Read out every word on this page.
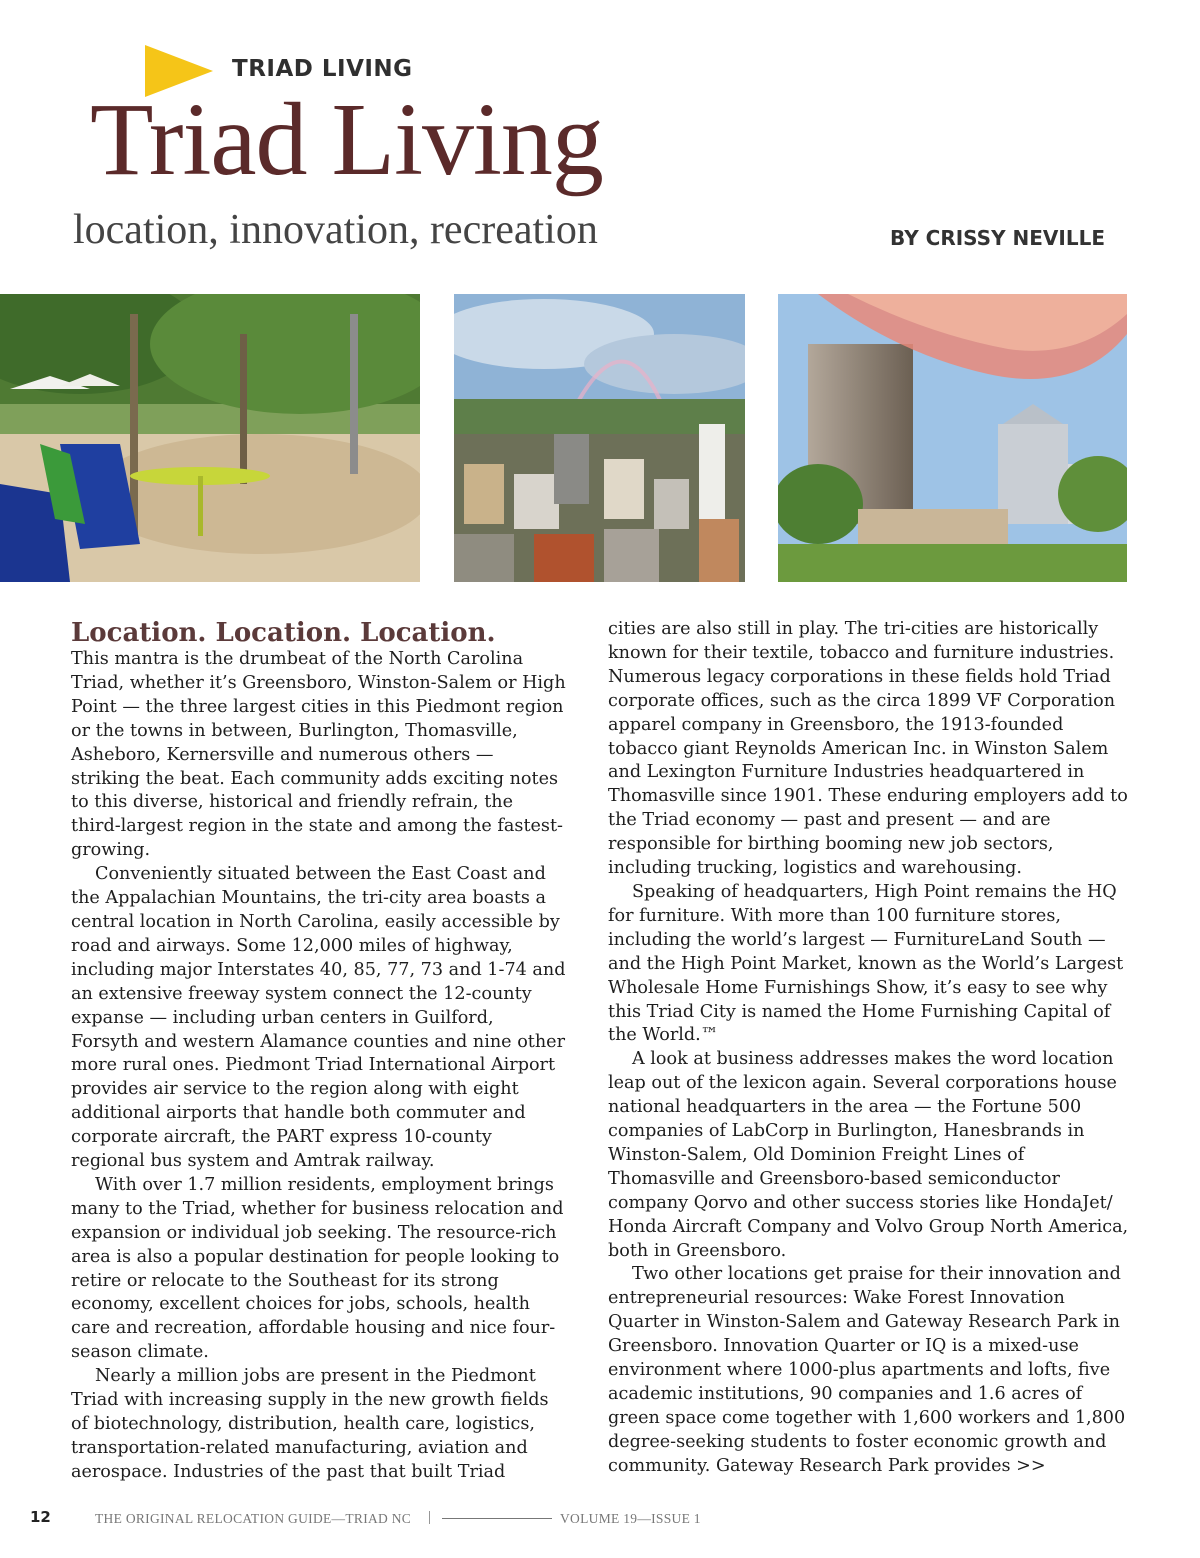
TRIAD LIVING
Triad Living
location, innovation, recreation	BY CRISSY NEVILLE
Location. Location. Location.

This mantra is the drumbeat of the North Carolina Triad, whether it’s Greensboro, Winston-Salem or High Point — the three largest cities in this Piedmont region or the towns in between, Burlington, Thomasville, Asheboro, Kernersville and numerous others — striking the beat. Each community adds exciting notes to this diverse, historical and friendly refrain, the third-largest region in the state and among the fastest-growing.

Conveniently situated between the East Coast and the Appalachian Mountains, the tri-city area boasts a central location in North Carolina, easily accessible by road and airways. Some 12,000 miles of highway, including major Interstates 40, 85, 77, 73 and 1-74 and an extensive freeway system connect the 12-county expanse — including urban centers in Guilford, Forsyth and western Alamance counties and nine other more rural ones. Piedmont Triad International Airport provides air service to the region along with eight additional airports that handle both commuter and corporate aircraft, the PART express 10-county regional bus system and Amtrak railway.

With over 1.7 million residents, employment brings many to the Triad, whether for business relocation and expansion or individual job seeking. The resource-rich area is also a popular destination for people looking to retire or relocate to the Southeast for its strong economy, excellent choices for jobs, schools, health care and recreation, affordable housing and nice four-season climate.

Nearly a million jobs are present in the Piedmont Triad with increasing supply in the new growth fields of biotechnology, distribution, health care, logistics, transportation-related manufacturing, aviation and aerospace. Industries of the past that built Triad

cities are also still in play. The tri-cities are historically known for their textile, tobacco and furniture industries. Numerous legacy corporations in these fields hold Triad corporate offices, such as the circa 1899 VF Corporation apparel company in Greensboro, the 1913-founded tobacco giant Reynolds American Inc. in Winston Salem and Lexington Furniture Industries headquartered in Thomasville since 1901. These enduring employers add to the Triad economy — past and present — and are responsible for birthing booming new job sectors, including trucking, logistics and warehousing.

Speaking of headquarters, High Point remains the HQ for furniture. With more than 100 furniture stores, including the world’s largest — FurnitureLand South — and the High Point Market, known as the World’s Largest Wholesale Home Furnishings Show, it’s easy to see why this Triad City is named the Home Furnishing Capital of the World.™

A look at business addresses makes the word location leap out of the lexicon again. Several corporations house national headquarters in the area — the Fortune 500 companies of LabCorp in Burlington, Hanesbrands in Winston-Salem, Old Dominion Freight Lines of Thomasville and Greensboro-based semiconductor company Qorvo and other success stories like HondaJet/ Honda Aircraft Company and Volvo Group North America, both in Greensboro.

Two other locations get praise for their innovation and entrepreneurial resources: Wake Forest Innovation Quarter in Winston-Salem and Gateway Research Park in Greensboro. Innovation Quarter or IQ is a mixed-use environment where 1000-plus apartments and lofts, five academic institutions, 90 companies and 1.6 acres of green space come together with 1,600 workers and 1,800 degree-seeking students to foster economic growth and community. Gateway Research Park provides >>

12	THE ORIGINAL RELOCATION GUIDE—TRIAD NC |	VOLUME 19—ISSUE 1
